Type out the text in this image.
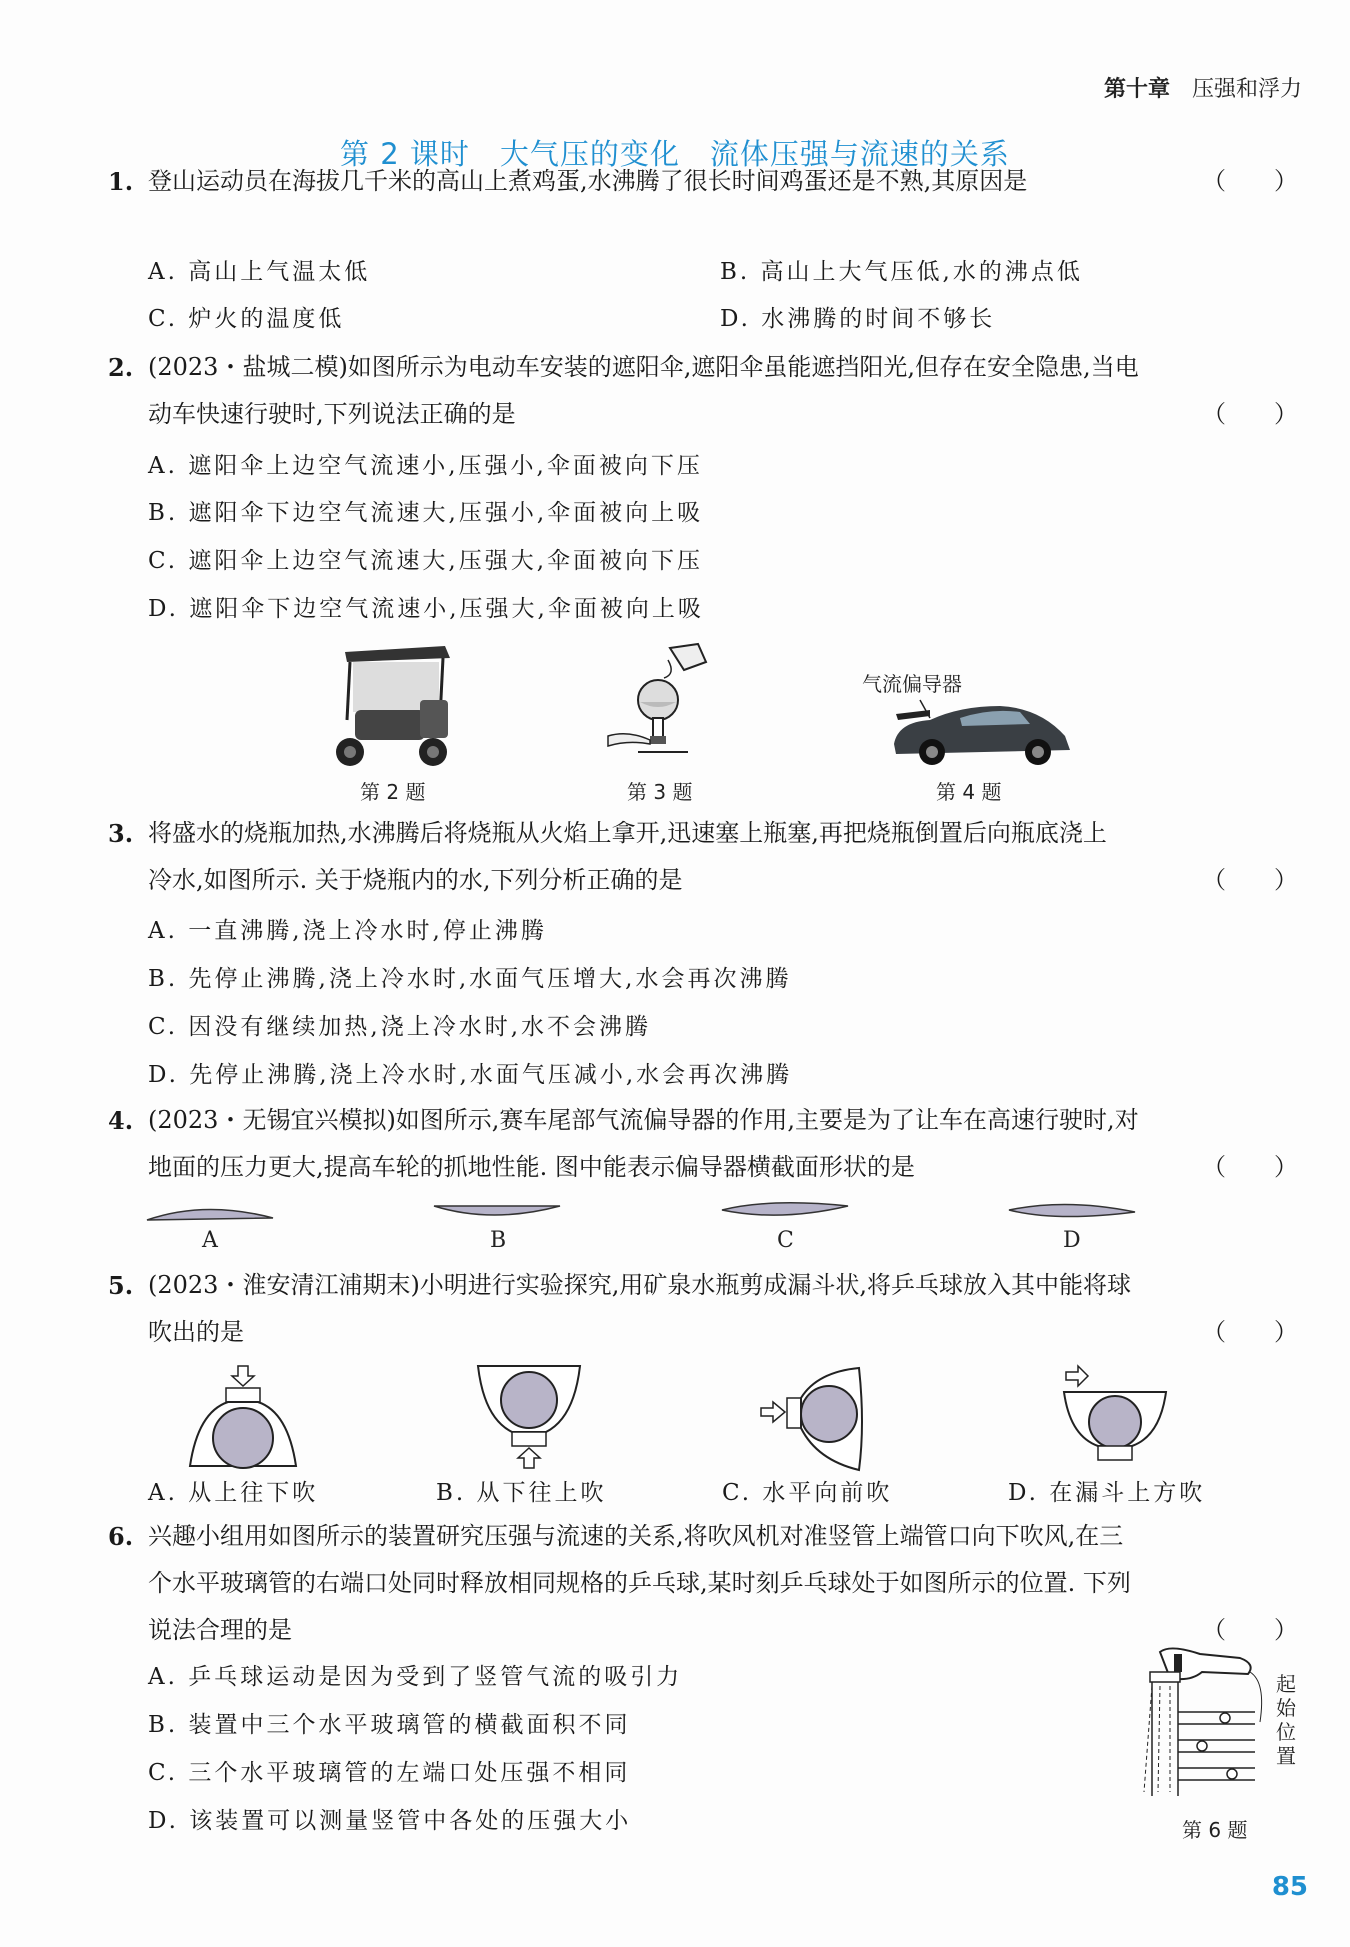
第十章 压强和浮力
第 2 课时　大气压的变化　流体压强与流速的关系
1. 登山运动员在海拔几千米的高山上煮鸡蛋,水沸腾了很长时间鸡蛋还是不熟,其原因是	（　　）
A. 高山上气温太低	B. 高山上大气压低,水的沸点低
C. 炉火的温度低	D. 水沸腾的时间不够长
2. (2023・盐城二模)如图所示为电动车安装的遮阳伞,遮阳伞虽能遮挡阳光,但存在安全隐患,当电
动车快速行驶时,下列说法正确的是	（　　）
A. 遮阳伞上边空气流速小,压强小,伞面被向下压
B. 遮阳伞下边空气流速大,压强小,伞面被向上吸
C. 遮阳伞上边空气流速大,压强大,伞面被向下压
D. 遮阳伞下边空气流速小,压强大,伞面被向上吸
第 2 题	第 3 题
气流偏导器
第 4 题
3. 将盛水的烧瓶加热,水沸腾后将烧瓶从火焰上拿开,迅速塞上瓶塞,再把烧瓶倒置后向瓶底浇上
冷水,如图所示. 关于烧瓶内的水,下列分析正确的是	（　　）
A. 一直沸腾,浇上冷水时,停止沸腾
B. 先停止沸腾,浇上冷水时,水面气压增大,水会再次沸腾
C. 因没有继续加热,浇上冷水时,水不会沸腾
D. 先停止沸腾,浇上冷水时,水面气压减小,水会再次沸腾
4. (2023・无锡宜兴模拟)如图所示,赛车尾部气流偏导器的作用,主要是为了让车在高速行驶时,对
地面的压力更大,提高车轮的抓地性能. 图中能表示偏导器横截面形状的是	（　　）
A	B	C	D
5. (2023・淮安清江浦期末)小明进行实验探究,用矿泉水瓶剪成漏斗状,将乒乓球放入其中能将球
吹出的是	（　　）
A. 从上往下吹	B. 从下往上吹	C. 水平向前吹	D. 在漏斗上方吹
6. 兴趣小组用如图所示的装置研究压强与流速的关系,将吹风机对准竖管上端管口向下吹风,在三
个水平玻璃管的右端口处同时释放相同规格的乒乓球,某时刻乒乓球处于如图所示的位置. 下列
说法合理的是	（　　）
A. 乒乓球运动是因为受到了竖管气流的吸引力
B. 装置中三个水平玻璃管的横截面积不同
C. 三个水平玻璃管的左端口处压强不相同
D. 该装置可以测量竖管中各处的压强大小
起始位置
第 6 题
85
